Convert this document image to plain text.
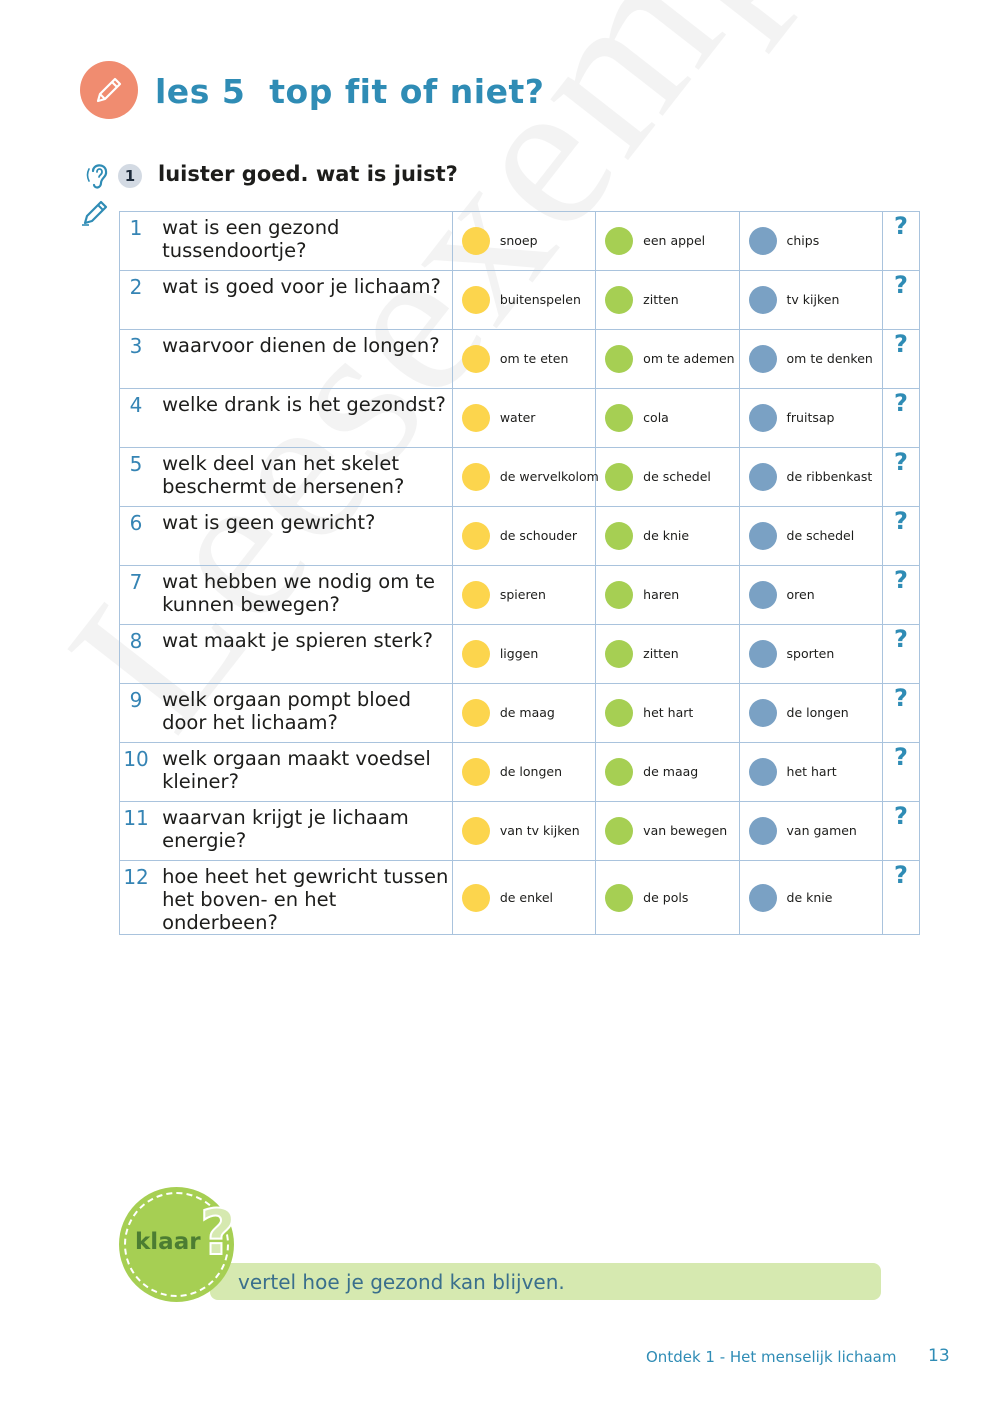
les 5  top fit of niet?
1	luister goed. wat is juist?
1	wat is een gezond tussendoortje?	snoep	een appel	chips	?
2	wat is goed voor je lichaam?	buitenspelen	zitten	tv kijken	?
3	waarvoor dienen de longen?	om te eten	om te ademen	om te denken	?
4	welke drank is het gezondst?	water	cola	fruitsap	?
5	welk deel van het skelet beschermt de hersenen?	de wervelkolom	de schedel	de ribbenkast	?
6	wat is geen gewricht?	de schouder	de knie	de schedel	?
7	wat hebben we nodig om te kunnen bewegen?	spieren	haren	oren	?
8	wat maakt je spieren sterk?	liggen	zitten	sporten	?
9	welk orgaan pompt bloed door het lichaam?	de maag	het hart	de longen	?
10	welk orgaan maakt voedsel kleiner?	de longen	de maag	het hart	?
11	waarvan krijgt je lichaam energie?	van tv kijken	van bewegen	van gamen	?
12	hoe heet het gewricht tussen het boven- en het onderbeen?	de enkel	de pols	de knie	?

vertel hoe je gezond kan blijven.

klaar ?

Ontdek 1 - Het menselijk lichaam 13
